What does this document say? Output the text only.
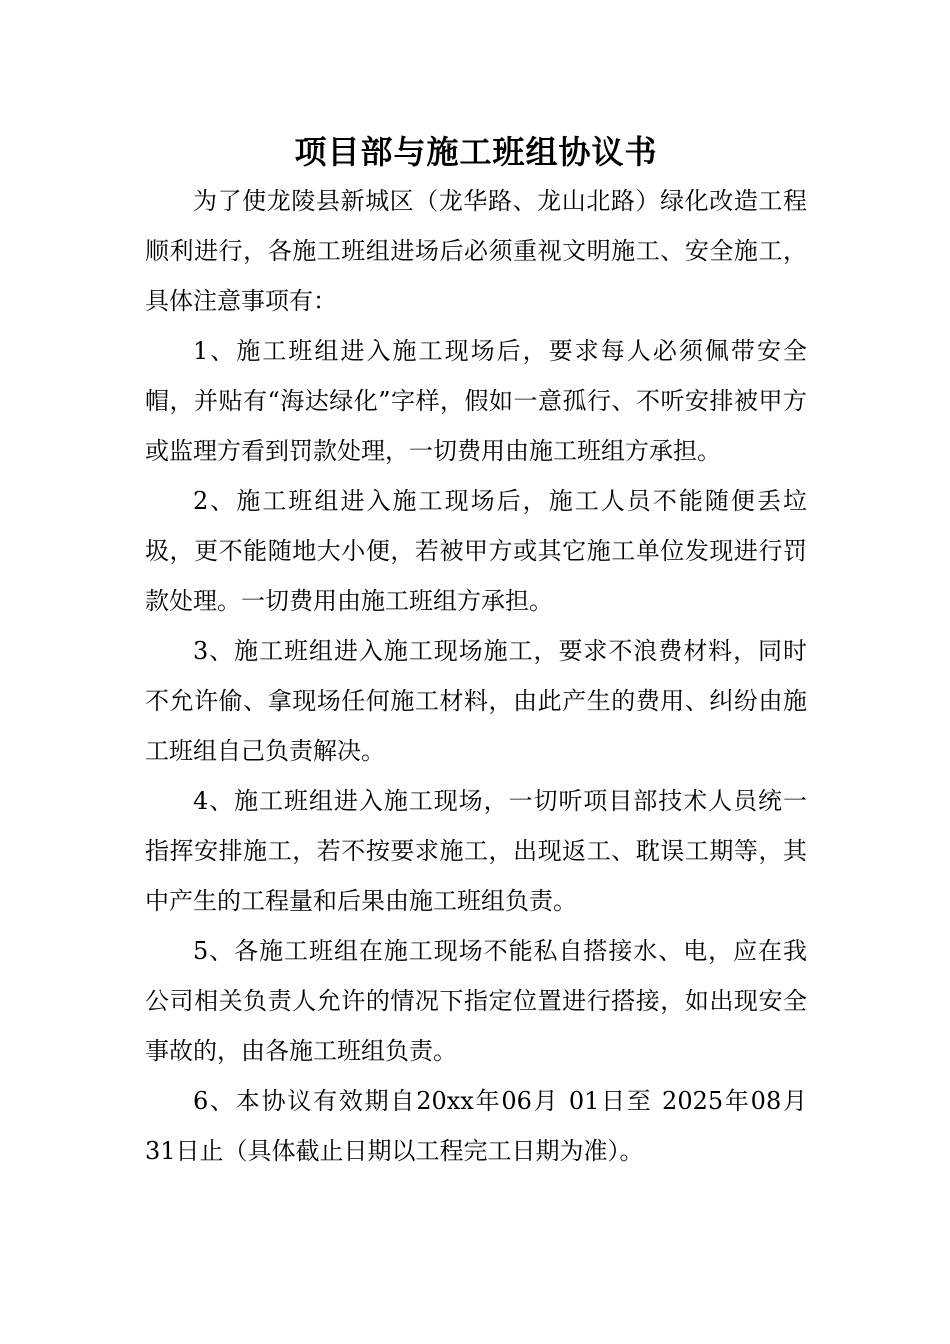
项目部与施工班组协议书

为了使龙陵县新城区（龙华路、龙山北路）绿化改造工程顺利进行，各施工班组进场后必须重视文明施工、安全施工，具体注意事项有：

1、施工班组进入施工现场后，要求每人必须佩带安全帽，并贴有“海达绿化”字样，假如一意孤行、不听安排被甲方或监理方看到罚款处理，一切费用由施工班组方承担。

2、施工班组进入施工现场后，施工人员不能随便丢垃圾，更不能随地大小便，若被甲方或其它施工单位发现进行罚款处理。一切费用由施工班组方承担。

3、施工班组进入施工现场施工，要求不浪费材料，同时不允许偷、拿现场任何施工材料，由此产生的费用、纠纷由施工班组自己负责解决。

4、施工班组进入施工现场，一切听项目部技术人员统一指挥安排施工，若不按要求施工，出现返工、耽误工期等，其中产生的工程量和后果由施工班组负责。

5、各施工班组在施工现场不能私自搭接水、电，应在我公司相关负责人允许的情况下指定位置进行搭接，如出现安全事故的，由各施工班组负责。

6、本协议有效期自20xx年06月 01日至 2025年08月 31日止（具体截止日期以工程完工日期为准）。
